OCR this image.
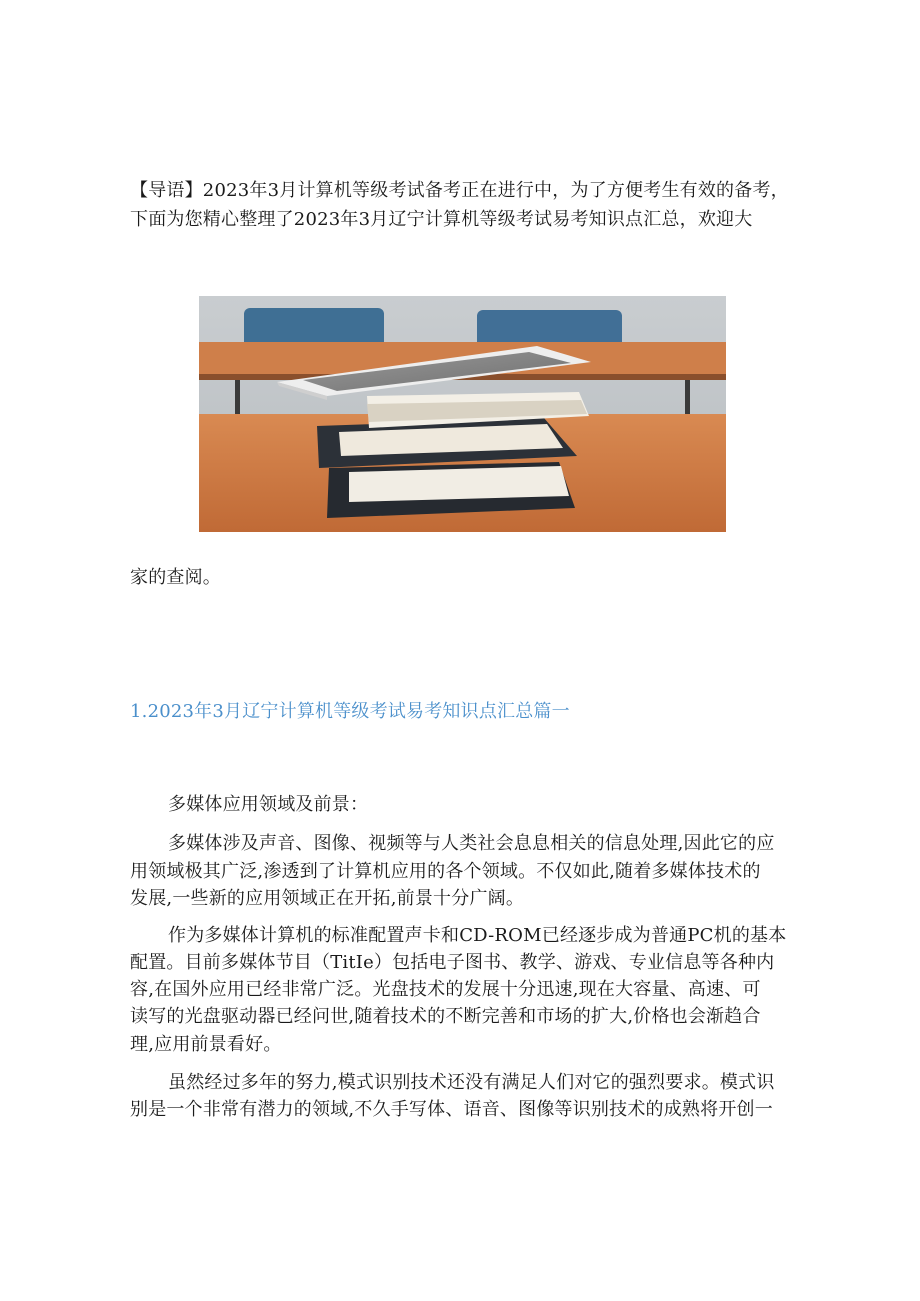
【导语】2023年3月计算机等级考试备考正在进行中，为了方便考生有效的备考，
下面为您精心整理了2023年3月辽宁计算机等级考试易考知识点汇总，欢迎大
家的查阅。
1.2023年3月辽宁计算机等级考试易考知识点汇总篇一
多媒体应用领域及前景：
多媒体涉及声音、图像、视频等与人类社会息息相关的信息处理,因此它的应
用领域极其广泛,渗透到了计算机应用的各个领域。不仅如此,随着多媒体技术的
发展,一些新的应用领域正在开拓,前景十分广阔。
作为多媒体计算机的标准配置声卡和CD-ROM已经逐步成为普通PC机的基本
配置。目前多媒体节目（TitIe）包括电子图书、教学、游戏、专业信息等各种内
容,在国外应用已经非常广泛。光盘技术的发展十分迅速,现在大容量、高速、可
读写的光盘驱动器已经问世,随着技术的不断完善和市场的扩大,价格也会渐趋合
理,应用前景看好。
虽然经过多年的努力,模式识别技术还没有满足人们对它的强烈要求。模式识
别是一个非常有潜力的领域,不久手写体、语音、图像等识别技术的成熟将开创一
